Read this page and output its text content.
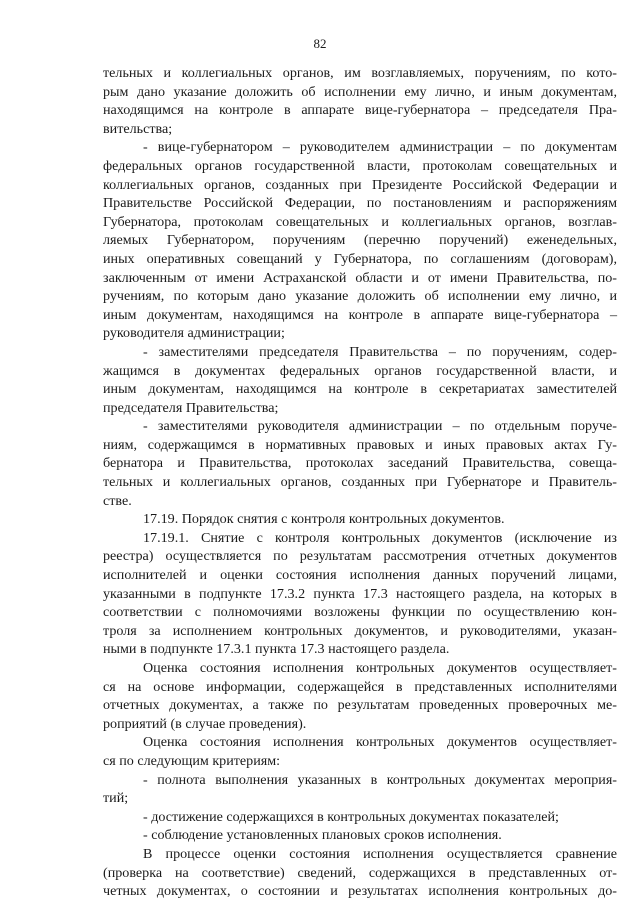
82

тельных и коллегиальных органов, им возглавляемых, поручениям, по кото-

рым дано указание доложить об исполнении ему лично, и иным документам,

находящимся на контроле в аппарате вице-губернатора – председателя Пра-

вительства;

- вице-губернатором – руководителем администрации – по документам

федеральных органов государственной власти, протоколам совещательных и

коллегиальных органов, созданных при Президенте Российской Федерации и

Правительстве Российской Федерации, по постановлениям и распоряжениям

Губернатора, протоколам совещательных и коллегиальных органов, возглав-

ляемых Губернатором, поручениям (перечню поручений) еженедельных,

иных оперативных совещаний у Губернатора, по соглашениям (договорам),

заключенным от имени Астраханской области и от имени Правительства, по-

ручениям, по которым дано указание доложить об исполнении ему лично, и

иным документам, находящимся на контроле в аппарате вице-губернатора –

руководителя администрации;

- заместителями председателя Правительства – по поручениям, содер-

жащимся в документах федеральных органов государственной власти, и

иным документам, находящимся на контроле в секретариатах заместителей

председателя Правительства;

- заместителями руководителя администрации – по отдельным поруче-

ниям, содержащимся в нормативных правовых и иных правовых актах Гу-

бернатора и Правительства, протоколах заседаний Правительства, совеща-

тельных и коллегиальных органов, созданных при Губернаторе и Правитель-

стве.

17.19. Порядок снятия с контроля контрольных документов.

17.19.1. Снятие с контроля контрольных документов (исключение из

реестра) осуществляется по результатам рассмотрения отчетных документов

исполнителей и оценки состояния исполнения данных поручений лицами,

указанными в подпункте 17.3.2 пункта 17.3 настоящего раздела, на которых в

соответствии с полномочиями возложены функции по осуществлению кон-

троля за исполнением контрольных документов, и руководителями, указан-

ными в подпункте 17.3.1 пункта 17.3 настоящего раздела.

Оценка состояния исполнения контрольных документов осуществляет-

ся на основе информации, содержащейся в представленных исполнителями

отчетных документах, а также по результатам проведенных проверочных ме-

роприятий (в случае проведения).

Оценка состояния исполнения контрольных документов осуществляет-

ся по следующим критериям:

- полнота выполнения указанных в контрольных документах мероприя-

тий;

- достижение содержащихся в контрольных документах показателей;

- соблюдение установленных плановых сроков исполнения.

В процессе оценки состояния исполнения осуществляется сравнение

(проверка на соответствие) сведений, содержащихся в представленных от-

четных документах, о состоянии и результатах исполнения контрольных до-
